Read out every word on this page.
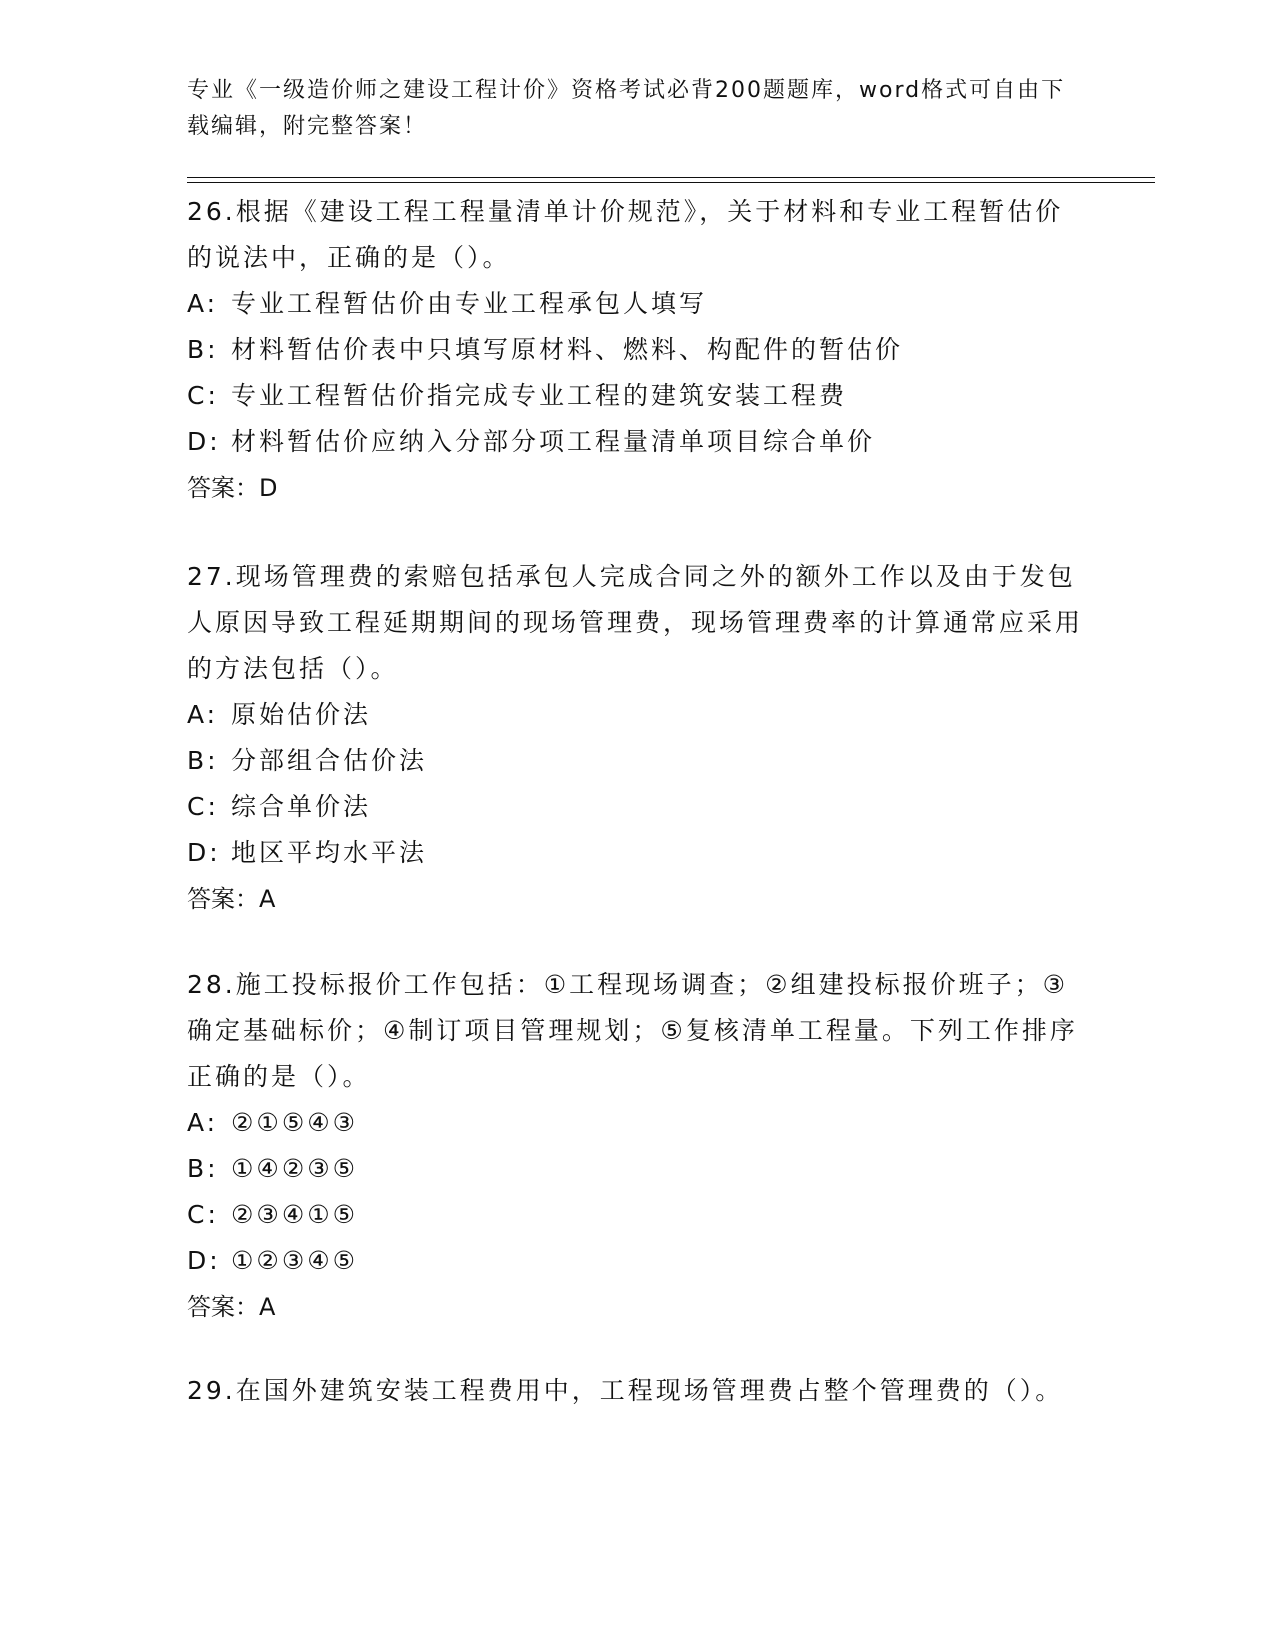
专业《一级造价师之建设工程计价》资格考试必背200题题库，word格式可自由下载编辑，附完整答案！

26.根据《建设工程工程量清单计价规范》，关于材料和专业工程暂估价的说法中，正确的是（）。

A: 专业工程暂估价由专业工程承包人填写

B: 材料暂估价表中只填写原材料、燃料、构配件的暂估价

C: 专业工程暂估价指完成专业工程的建筑安装工程费

D: 材料暂估价应纳入分部分项工程量清单项目综合单价

答案：D

27.现场管理费的索赔包括承包人完成合同之外的额外工作以及由于发包人原因导致工程延期期间的现场管理费，现场管理费率的计算通常应采用的方法包括（）。

A: 原始估价法

B: 分部组合估价法

C: 综合单价法

D: 地区平均水平法

答案：A

28.施工投标报价工作包括：①工程现场调查；②组建投标报价班子；③确定基础标价；④制订项目管理规划；⑤复核清单工程量。下列工作排序正确的是（）。

A: ②①⑤④③

B: ①④②③⑤

C: ②③④①⑤

D: ①②③④⑤

答案：A

29.在国外建筑安装工程费用中，工程现场管理费占整个管理费的（）。
